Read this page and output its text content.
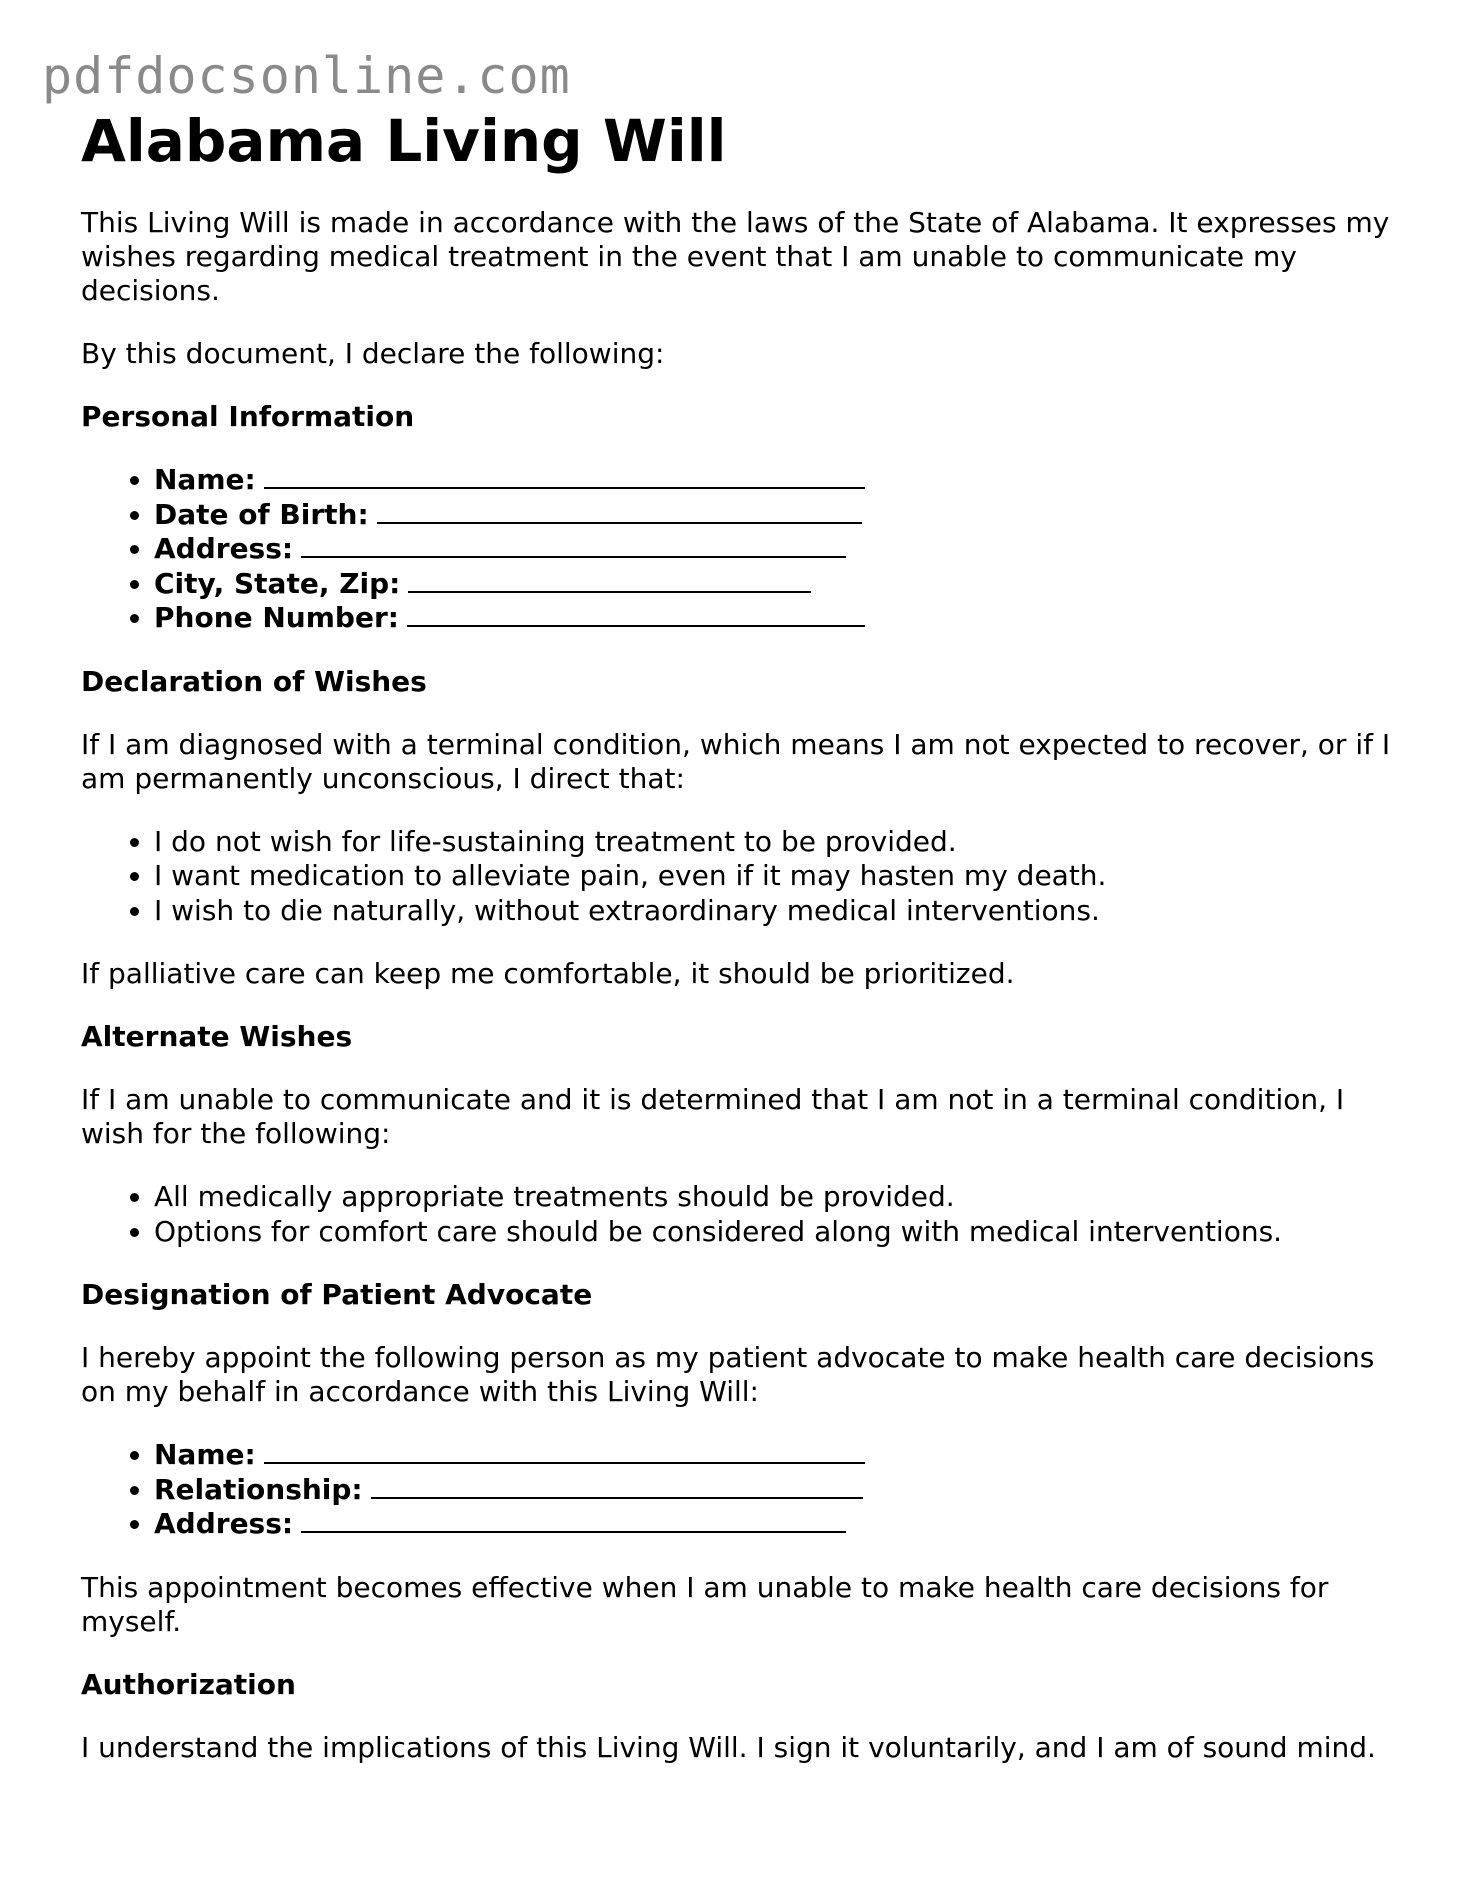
pdfdocsonline.com
Alabama Living Will

This Living Will is made in accordance with the laws of the State of Alabama. It expresses my wishes regarding medical treatment in the event that I am unable to communicate my decisions.

By this document, I declare the following:

Personal Information
• Name:
• Date of Birth:
• Address:
• City, State, Zip:
• Phone Number:
Declaration of Wishes

If I am diagnosed with a terminal condition, which means I am not expected to recover, or if I am permanently unconscious, I direct that:

• I do not wish for life-sustaining treatment to be provided.
• I want medication to alleviate pain, even if it may hasten my death.
• I wish to die naturally, without extraordinary medical interventions.

If palliative care can keep me comfortable, it should be prioritized.

Alternate Wishes

If I am unable to communicate and it is determined that I am not in a terminal condition, I wish for the following:

• All medically appropriate treatments should be provided.
• Options for comfort care should be considered along with medical interventions.
Designation of Patient Advocate

I hereby appoint the following person as my patient advocate to make health care decisions on my behalf in accordance with this Living Will:

• Name:
• Relationship:
• Address:

This appointment becomes effective when I am unable to make health care decisions for myself.

Authorization

I understand the implications of this Living Will. I sign it voluntarily, and I am of sound mind.
